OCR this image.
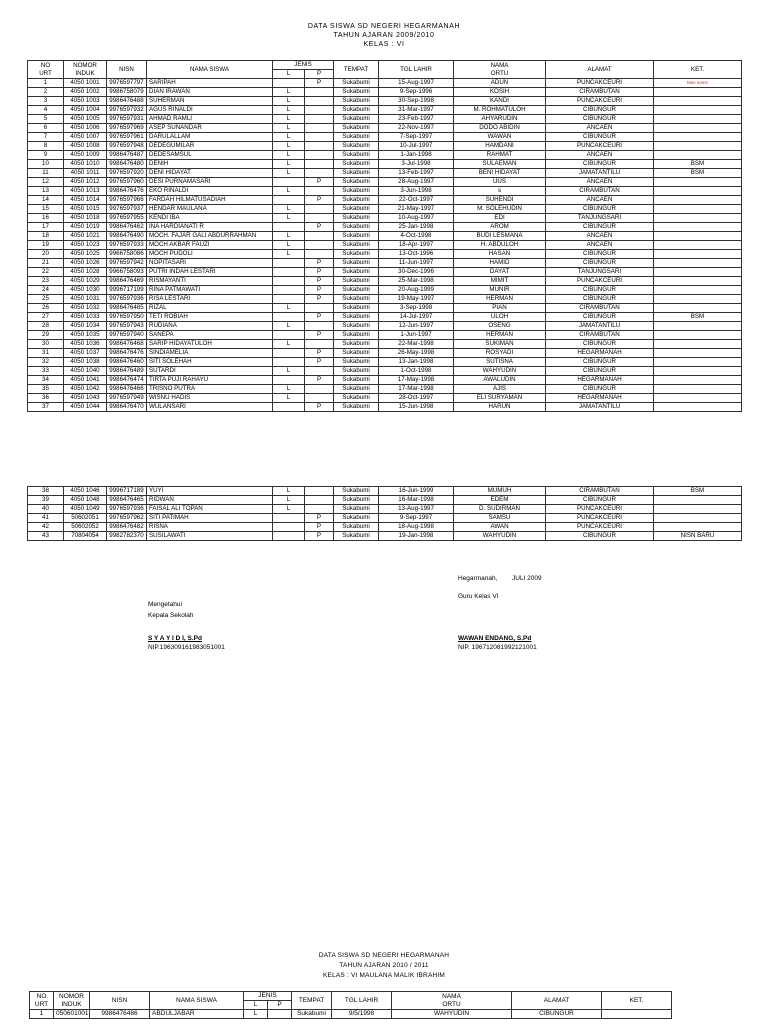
DATA SISWA SD NEGERI HEGARMANAH
TAHUN AJARAN 2009/2010
KELAS : VI
NO
URT	NOMOR
INDUK	NISN	NAMA SISWA	JENIS		TEMPAT	TGL LAHIR	NAMA
ORTU	ALAMAT	KET.
				L	P					
1	4050 1001	9976597797	SARIPAH		P	Sukabumi	15-Aug-1997	ADUN	PUNCAKCEURI	Mas name
2	4050 1002	9986758079	DIAN IRAWAN	L		Sukabumi	9-Sep-1996	KOSIH	CIRAMBUTAN	
3	4050 1003	9986476488	SUHERMAN	L		Sukabumi	30-Sep-1998	KANDI	PUNCAKCEURI	
4	4050 1004	9976597932	AGUS RINALDI	L		Sukabumi	31-Mar-1997	M. ROHMATULOH	CIBUNGUR	
5	4050 1005	9976597931	AHMAD RAMLI	L		Sukabumi	23-Feb-1997	AHYARUDIN	CIBUNGUR	
6	4050 1006	9976597969	ASEP SUNANDAR	L		Sukabumi	22-Nov-1997	DODO ABIDIN	ANCAEN	
7	4050 1007	9976597961	DARULALLAM	L		Sukabumi	7-Sep-1997	WAWAN	CIBUNGUR	
8	4050 1008	9976597948	DEDEGUMILAR	L		Sukabumi	10-Jul-1997	HAMDANI	PUNCAKCEURI	
9	4050 1009	9986476487	DEDESAMSUL	L		Sukabumi	1-Jan-1998	RAHMAT	ANCAEN	
10	4050 1010	9986476480	DENIH	L		Sukabumi	3-Jul-1998	SULAEMAN	CIBUNGUR	BSM
11	4050 1011	9976597920	DENI HIDAYAT	L		Sukabumi	13-Feb-1997	BENI HIDAYAT	JAMATANTILU	BSM
12	4050 1012	9976597960	DESI PURNAMASARI		P	Sukabumi	28-Aug-1997	UUS	ANCAEN	
13	4050 1013	9986476476	EKO RINALDI	L		Sukabumi	3-Jun-1998	s	CIRAMBUTAN	
14	4050 1014	9976597966	FARDAH HILMATUSADIAH		P	Sukabumi	22-Oct-1997	SUHENDI	ANCAEN	
15	4050 1015	9976597937	HENDAR MAULANA	L		Sukabumi	21-May-1997	M. SOLEHUDIN	CIBUNGUR	
16	4050 1018	9976597955	KENDI IBA	L		Sukabumi	10-Aug-1997	EDI	TANJUNGSARI	
17	4050 1019	9986476462	INA HARDIANATI R		P	Sukabumi	25-Jan-1998	AROM	CIBUNGUR	
18	4050 1021	9986476490	MOCH. FAJAR GALI ABDURRAHMAN	L		Sukabumi	4-Oct-1998	BUDI LESMANA	ANCAEN	
19	4050 1023	9976597933	MOCH AKBAR FAUZI	L		Sukabumi	18-Apr-1997	H. ABDULOH	ANCAEN	
20	4050 1025	9966758086	MOCH PUDOLI	L		Sukabumi	13-Oct-1996	HASAN	CIBUNGUR	
21	4050 1026	9976597942	NOPITASARI		P	Sukabumi	11-Jun-1997	HAMID	CIBUNGUR	
22	4050 1028	9966758093	PUTRI INDAH LESTARI		P	Sukabumi	30-Dec-1996	DAYAT	TANJUNGSARI	
23	4050 1029	9986476469	RISMAYANTI		P	Sukabumi	25-Mar-1998	MIMIT	PUNCAKCEURI	
24	4050 1030	9996717199	RINA PATMAWATI		P	Sukabumi	20-Aug-1999	MUNIR	CIBUNGUR	
25	4050 1031	9976597936	RISA LESTARI		P	Sukabumi	19-May-1997	HERMAN	CIBUNGUR	
26	4050 1032	9986476485	RIZAL	L		Sukabumi	3-Sep-1998	PIAN	CIRAMBUTAN	
27	4050 1033	9976597950	TETI ROBIAH		P	Sukabumi	14-Jul-1997	ULOH	CIBUNGUR	BSM
28	4050 1034	9976597943	RUDIANA	L		Sukabumi	12-Jun-1997	OSENG	JAMATANTILU	
29	4050 1035	9976597940	SANEPA		P	Sukabumi	1-Jun-1997	HERMAN	CIRAMBUTAN	
30	4050 1036	9986476468	SARIP HIDAYATULOH	L		Sukabumi	22-Mar-1998	SUKIMAN	CIBUNGUR	
31	4050 1037	9986476476	SINDIAMELIA		P	Sukabumi	26-May-1998	ROSYADI	HEGARMANAH	
32	4050 1038	9986476460	SITI SOLEHAH		P	Sukabumi	13-Jan-1998	SUTISNA	CIBUNGUR	
33	4050 1040	9986476489	SUTARDI	L		Sukabumi	1-Oct-1998	WAHYUDIN	CIBUNGUR	
34	4050 1041	9986476474	TIRTA PUJI RAHAYU		P	Sukabumi	17-May-1998	AWALUDIN	HEGARMANAH	
35	4050 1042	9986476466	TRISNO PUTRA	L		Sukabumi	17-Mar-1998	AJIS	CIBUNGUR	
36	4050 1043	9976597949	WISNU HADIS	L		Sukabumi	28-Oct-1997	ELI SURYAMAN	HEGARMANAH	
37	4050 1044	9986476470	WULANSARI		P	Sukabumi	15-Jun-1998	HARUN	JAMATANTILU	
38	4050 1046	9996717189	YUYI	L		Sukabumi	16-Jun-1999	MUMUH	CIRAMBUTAN	BSM
39	4050 1048	9986476465	RIDWAN	L		Sukabumi	16-Mar-1998	EDEM	CIBUNGUR	
40	4050 1049	9976597936	FAISAL ALI TOPAN	L		Sukabumi	13-Aug-1997	D. SUDIRMAN	PUNCAKCEURI	
41	50602051	9976597962	SITI PATIMAH		P	Sukabumi	9-Sep-1997	SAMSU	PUNCAKCEURI	
42	50602052	9986476482	RISNA		P	Sukabumi	18-Aug-1998	AWAN	PUNCAKCEURI	
43	70804054	9982782370	SUSILAWATI		P	Sukabumi	19-Jan-1998	WAHYUDIN	CIBUNGUR	NISN BARU
Mengetahui
Kepala Sekolah
S Y A Y I D I, S.Pd
NIP.196309161983051001
Hegarmanah, JULI 2009
Guru Kelas VI
WAWAN ENDANG, S.Pd
NIP. 196712081992121001
DATA SISWA SD NEGERI HEGARMANAH
TAHUN AJARAN 2010 / 2011
KELAS : VI MAULANA MALIK IBRAHIM
NO
URT	NOMOR
INDUK	NISN	NAMA SISWA	JENIS		TEMPAT	TGL LAHIR	NAMA
ORTU	ALAMAT	KET.
				L	P					
1	050601001	9986476486	ABDULJABAR	L		Sukabumi	9/5/1998	WAHYUDIN	CIBUNGUR	
